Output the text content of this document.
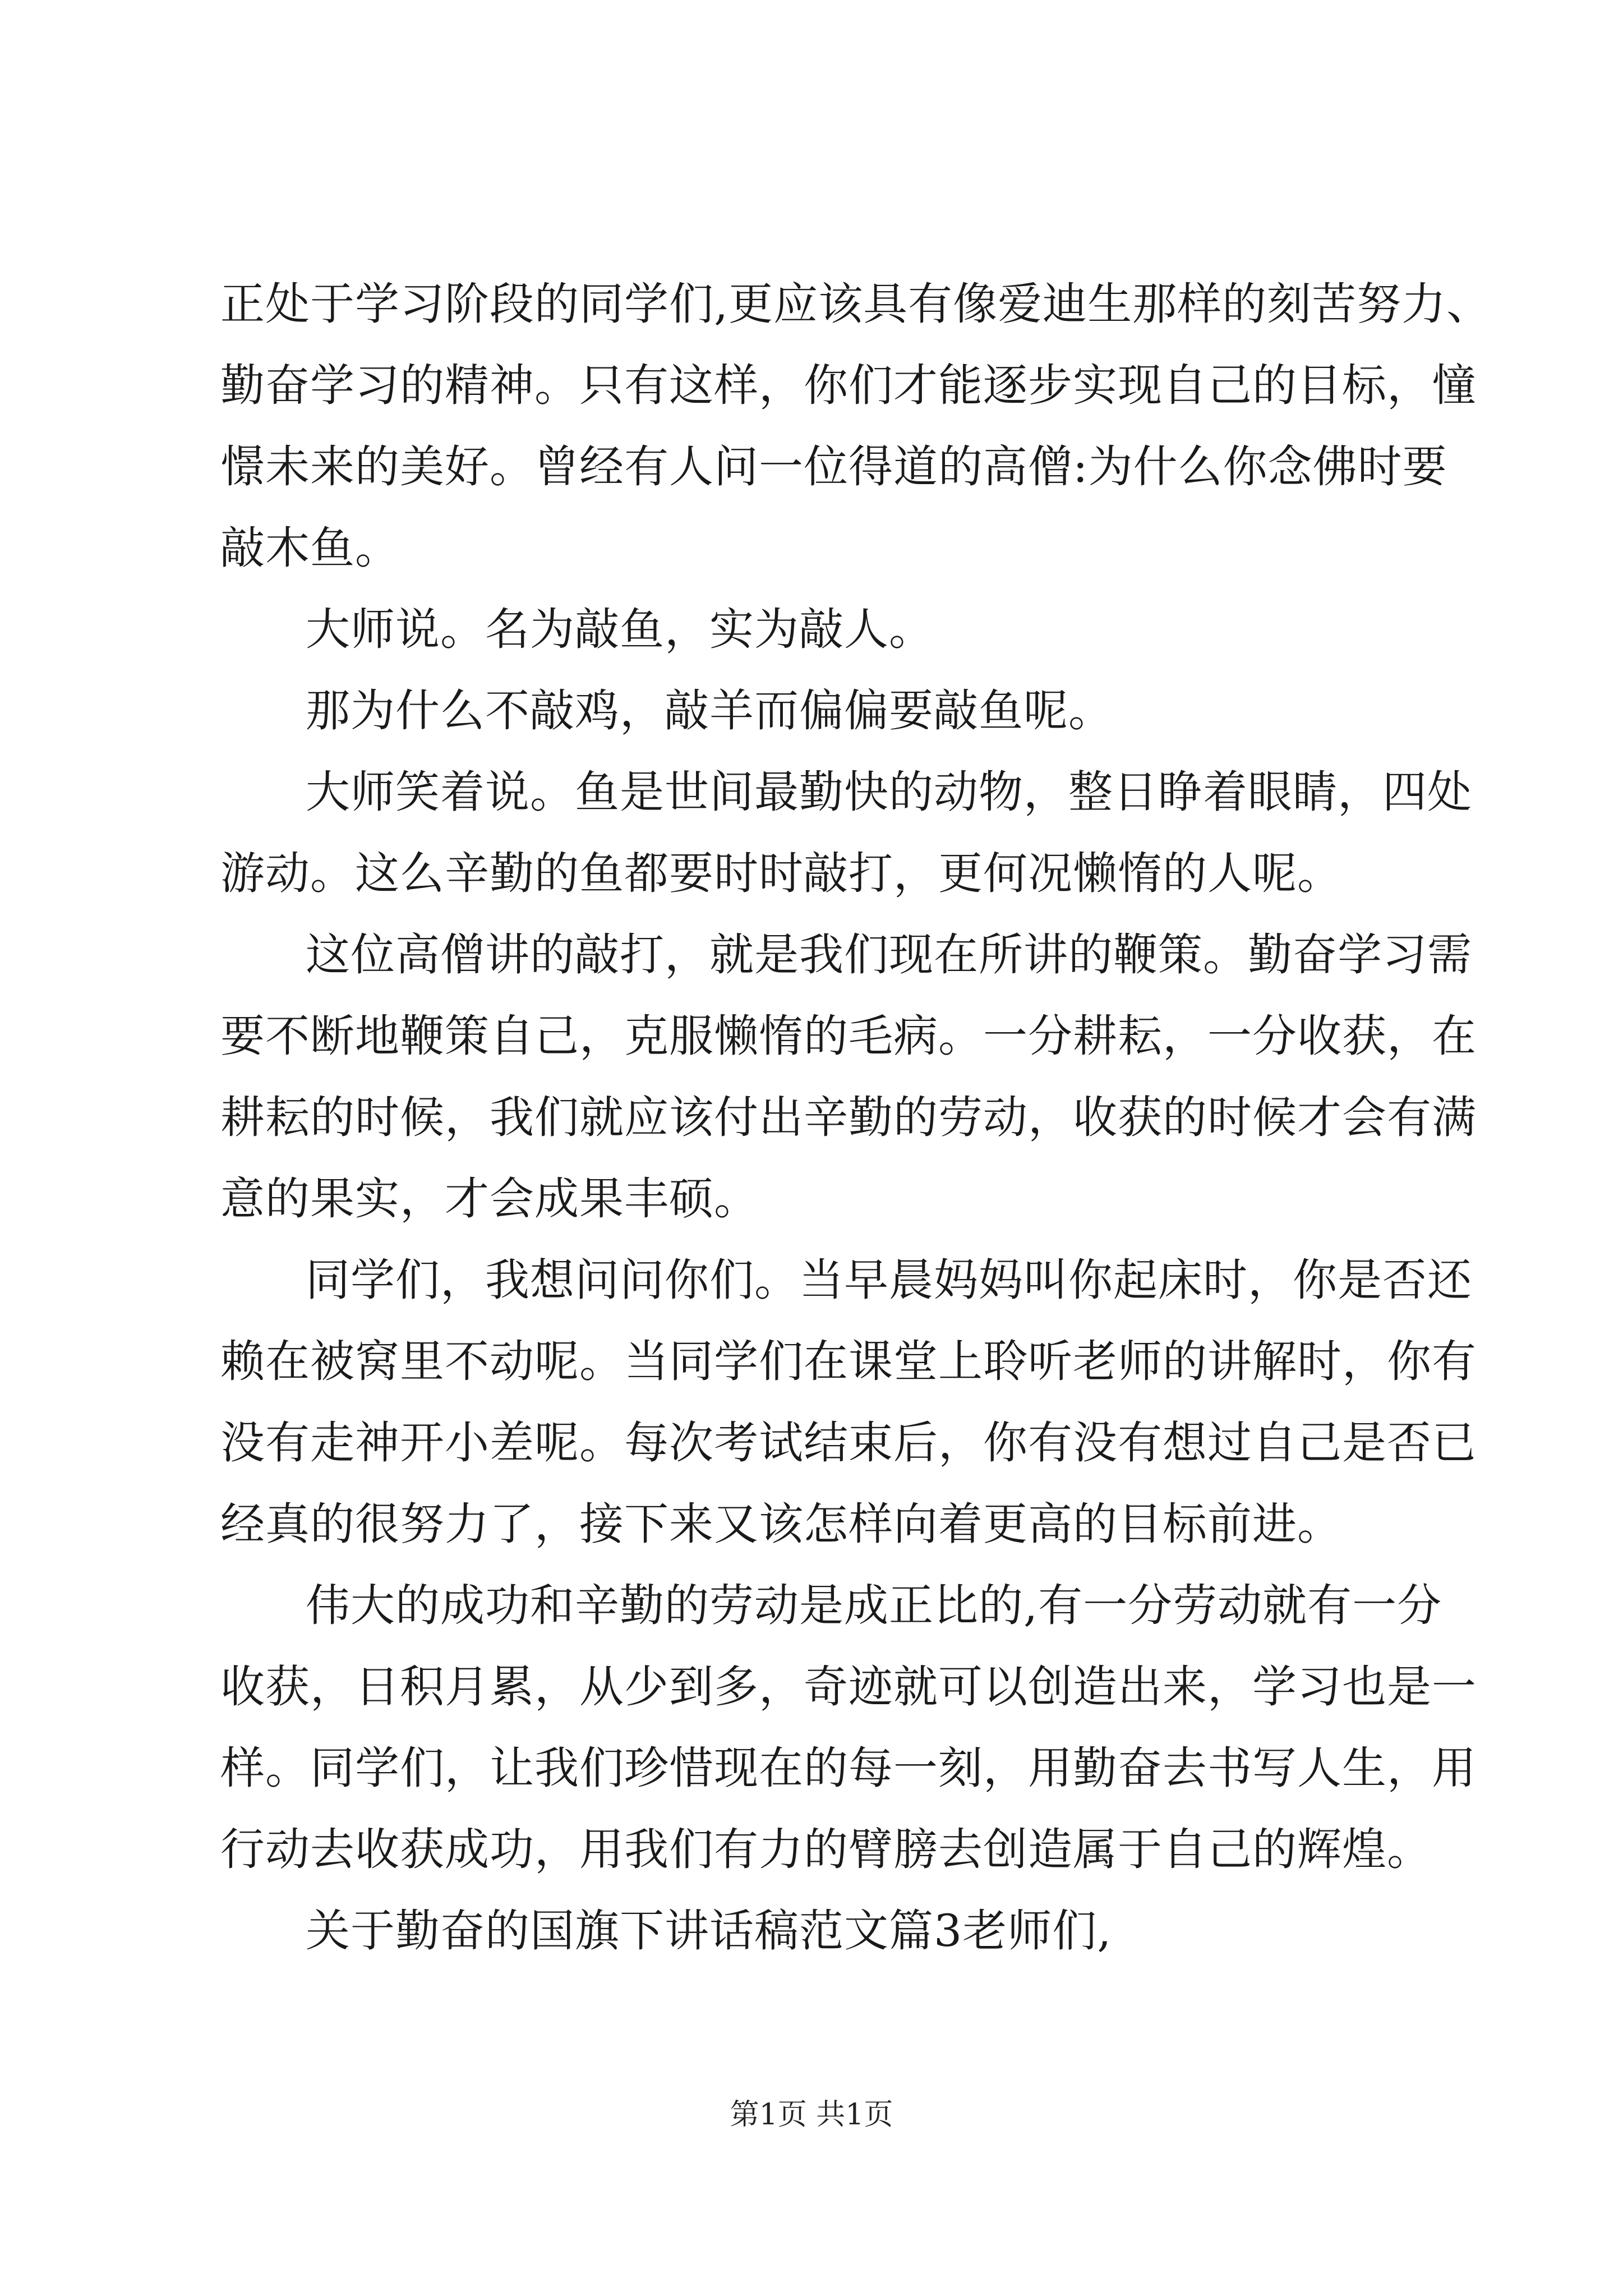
正处于学习阶段的同学们,更应该具有像爱迪生那样的刻苦努力、
勤奋学习的精神。只有这样，你们才能逐步实现自己的目标，憧
憬未来的美好。曾经有人问一位得道的高僧:为什么你念佛时要
敲木鱼。
大师说。名为敲鱼，实为敲人。
那为什么不敲鸡，敲羊而偏偏要敲鱼呢。
大师笑着说。鱼是世间最勤快的动物，整日睁着眼睛，四处
游动。这么辛勤的鱼都要时时敲打，更何况懒惰的人呢。
这位高僧讲的敲打，就是我们现在所讲的鞭策。勤奋学习需
要不断地鞭策自己，克服懒惰的毛病。一分耕耘，一分收获，在
耕耘的时候，我们就应该付出辛勤的劳动，收获的时候才会有满
意的果实，才会成果丰硕。
同学们，我想问问你们。当早晨妈妈叫你起床时，你是否还
赖在被窝里不动呢。当同学们在课堂上聆听老师的讲解时，你有
没有走神开小差呢。每次考试结束后，你有没有想过自己是否已
经真的很努力了，接下来又该怎样向着更高的目标前进。
伟大的成功和辛勤的劳动是成正比的,有一分劳动就有一分
收获，日积月累，从少到多，奇迹就可以创造出来，学习也是一
样。同学们，让我们珍惜现在的每一刻，用勤奋去书写人生，用
行动去收获成功，用我们有力的臂膀去创造属于自己的辉煌。
关于勤奋的国旗下讲话稿范文篇3老师们,
第1页 共1页
